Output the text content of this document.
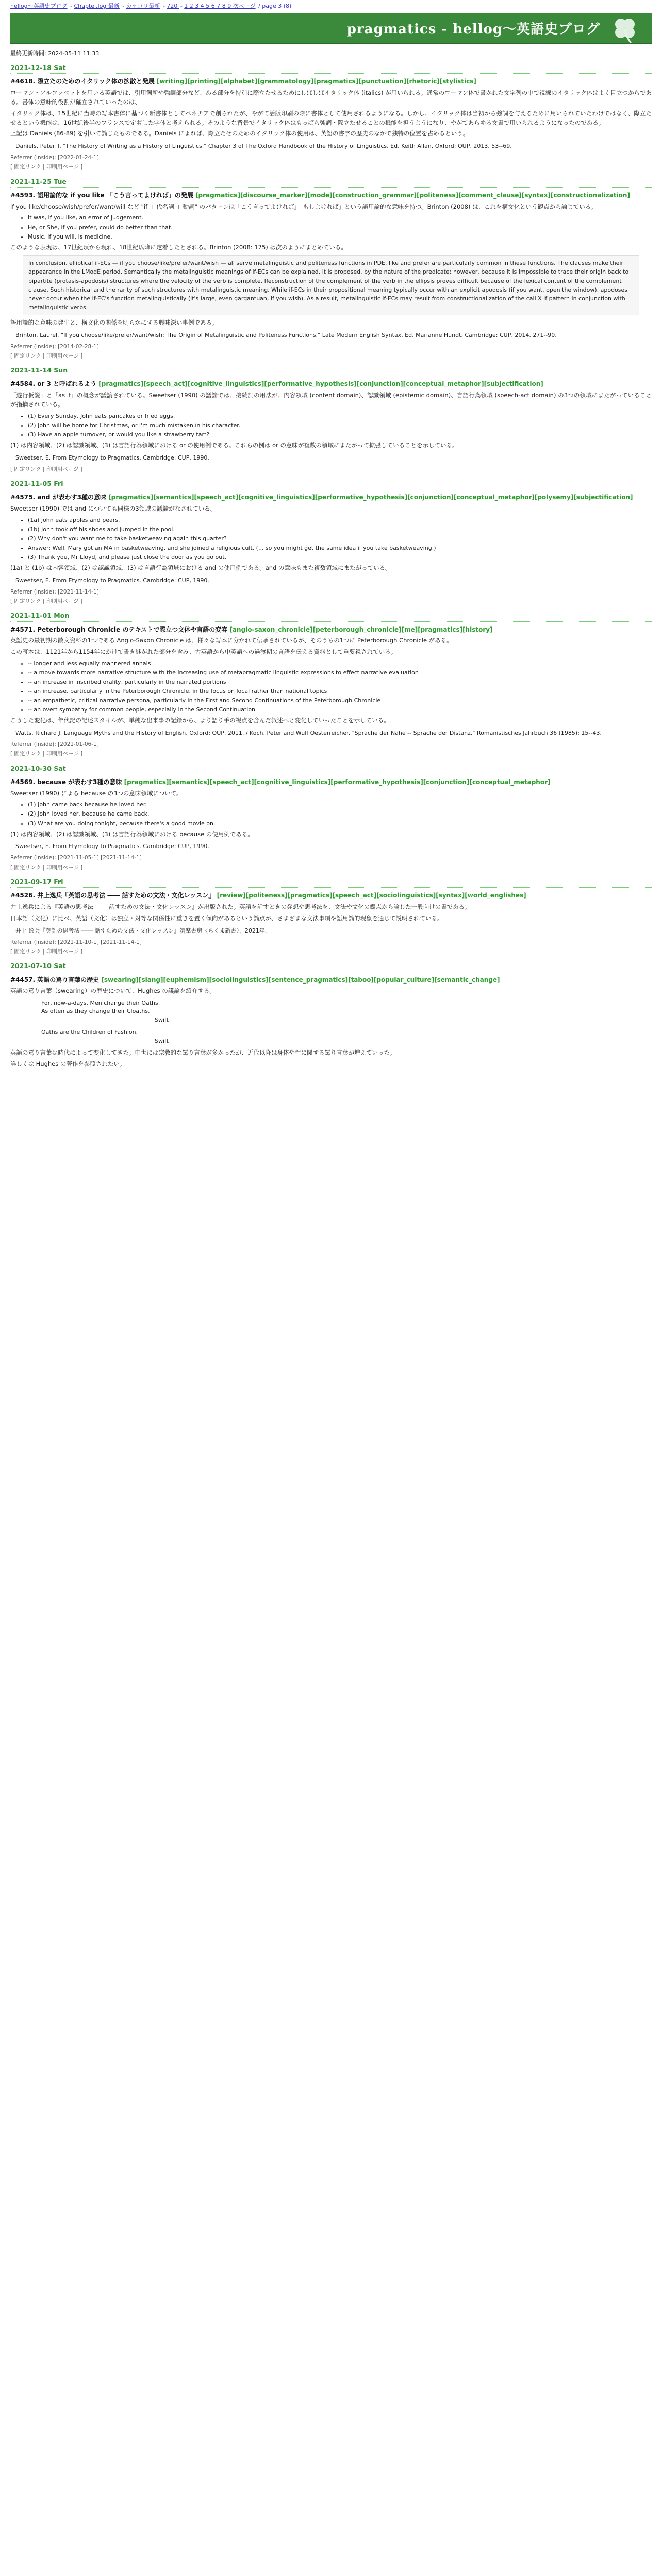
hellog〜英語史ブログ - Chaptel.log 最新 - カテゴリ最新 - 720 - 1 2 3 4 5 6 7 8 9 次ページ / page 3 (8)
pragmatics - hellog〜英語史ブログ
最終更新時間: 2024-05-11 11:33
2021-12-18 Sat
#4618. 際立たのためのイタリック体の拡散と発展 [writing][printing][alphabet][grammatology][pragmatics][punctuation][rhetoric][stylistics]

ローマン・アルファベットを用いる英語では、引用箇所や強調部分など、ある部分を特別に際立たせるためにしばしばイタリック体 (italics) が用いられる。通常のローマン体で書かれた文字列の中で視線のイタリック体はよく目立つからである。書体の意味的役割が確立されていったのは、

イタリック体は、15世紀に当時の写本書体に基づく新書体としてベネチアで創られたが、やがて活版印刷の際に書体として使用されるようになる。しかし、イタリック体は当初から強調を与えるために用いられていたわけではなく、際立たせるという機能は、16世紀後半のフランスで定着した字体と考えられる。そのような背景でイタリック体はもっぱら強調・際立たせることの機能を担うようになり、やがてあらゆる文書で用いられるようになったのである。

上記は Daniels (86-89) を引いて論じたものである。Daniels によれば、際立たせのためのイタリック体の使用は、英語の書字の歴史のなかで独特の位置を占めるという。

Daniels, Peter T. "The History of Writing as a History of Linguistics." Chapter 3 of The Oxford Handbook of the History of Linguistics. Ed. Keith Allan. Oxford: OUP, 2013. 53--69.
Referrer (Inside): [2022-01-24-1]
[ 固定リンク | 印刷用ページ ]
2021-11-25 Tue
#4593. 語用論的な if you like 「こう言ってよければ」の発展 [pragmatics][discourse_marker][mode][construction_grammar][politeness][comment_clause][syntax][constructionalization]

if you like/choose/wish/prefer/want/will など "if + 代名詞 + 動詞" のパターンは「こう言ってよければ」「もしよければ」という語用論的な意味を持つ。Brinton (2008) は、これを構文化という観点から論じている。

• It was, if you like, an error of judgement.
• He, or She, if you prefer, could do better than that.
• Music, if you will, is medicine.

このような表現は、17世紀頃から現れ、18世紀以降に定着したとされる。Brinton (2008: 175) は次のようにまとめている。

In conclusion, elliptical if-ECs — if you choose/like/prefer/want/wish — all serve metalinguistic and politeness functions in PDE, like and prefer are particularly common in these functions. The clauses make their appearance in the LModE period. Semantically the metalinguistic meanings of if-ECs can be explained, it is proposed, by the nature of the predicate; however, because it is impossible to trace their origin back to bipartite (protasis-apodosis) structures where the velocity of the verb is complete. Reconstruction of the complement of the verb in the ellipsis proves difficult because of the lexical content of the complement clause. Such historical and the rarity of such structures with metalinguistic meaning. While if-ECs in their propositional meaning typically occur with an explicit apodosis (if you want, open the window), apodoses never occur when the if-EC's function metalinguistically (it's large, even gargantuan, if you wish). As a result, metalinguistic if-ECs may result from constructionalization of the call X if pattern in conjunction with metalinguistic verbs.

語用論的な意味の発生と、構文化の関係を明らかにする興味深い事例である。

Brinton, Laurel. "If you choose/like/prefer/want/wish: The Origin of Metalinguistic and Politeness Functions." Late Modern English Syntax. Ed. Marianne Hundt. Cambridge: CUP, 2014. 271--90.
Referrer (Inside): [2014-02-28-1]
[ 固定リンク | 印刷用ページ ]
2021-11-14 Sun
#4584. or 3 と呼ばれるよう [pragmatics][speech_act][cognitive_linguistics][performative_hypothesis][conjunction][conceptual_metaphor][subjectification]

「遂行仮説」と「as if」の概念が議論されている。Sweetser (1990) の議論では、接続詞の用法が、内容領域 (content domain)、認識領域 (epistemic domain)、言語行為領域 (speech-act domain) の3つの領域にまたがっていることが指摘されている。

• (1) Every Sunday, John eats pancakes or fried eggs.
• (2) John will be home for Christmas, or I'm much mistaken in his character.
• (3) Have an apple turnover, or would you like a strawberry tart?

(1) は内容領域、(2) は認識領域、(3) は言語行為領域における or の使用例である。これらの例は or の意味が複数の領域にまたがって拡張していることを示している。

Sweetser, E. From Etymology to Pragmatics. Cambridge: CUP, 1990.
[ 固定リンク | 印刷用ページ ]
2021-11-05 Fri
#4575. and が表わす3種の意味 [pragmatics][semantics][speech_act][cognitive_linguistics][performative_hypothesis][conjunction][conceptual_metaphor][polysemy][subjectification]

Sweetser (1990) では and についても同様の3領域の議論がなされている。

• (1a) John eats apples and pears.
• (1b) John took off his shoes and jumped in the pool.
• (2) Why don't you want me to take basketweaving again this quarter?
• Answer: Well, Mary got an MA in basketweaving, and she joined a religious cult. (... so you might get the same idea if you take basketweaving.)
• (3) Thank you, Mr Lloyd, and please just close the door as you go out.

(1a) と (1b) は内容領域、(2) は認識領域、(3) は言語行為領域における and の使用例である。and の意味もまた複数領域にまたがっている。

Sweetser, E. From Etymology to Pragmatics. Cambridge: CUP, 1990.
Referrer (Inside): [2021-11-14-1]
[ 固定リンク | 印刷用ページ ]
2021-11-01 Mon
#4571. Peterborough Chronicle のテキストで際立つ文体や言語の変容 [anglo-saxon_chronicle][peterborough_chronicle][me][pragmatics][history]

英語史の最初期の散文資料の1つである Anglo-Saxon Chronicle は、様々な写本に分かれて伝承されているが、そのうちの1つに Peterborough Chronicle がある。

この写本は、1121年から1154年にかけて書き継がれた部分を含み、古英語から中英語への過渡期の言語を伝える資料として重要視されている。

• -- longer and less equally mannered annals
• -- a move towards more narrative structure with the increasing use of metapragmatic linguistic expressions to effect narrative evaluation
• -- an increase in inscribed orality, particularly in the narrated portions
• -- an increase, particularly in the Peterborough Chronicle, in the focus on local rather than national topics
• -- an empathetic, critical narrative persona, particularly in the First and Second Continuations of the Peterborough Chronicle
• -- an overt sympathy for common people, especially in the Second Continuation

こうした変化は、年代記の記述スタイルが、単純な出来事の記録から、より語り手の視点を含んだ叙述へと変化していったことを示している。

Watts, Richard J. Language Myths and the History of English. Oxford: OUP, 2011. / Koch, Peter and Wulf Oesterreicher. "Sprache der Nähe -- Sprache der Distanz." Romanistisches Jahrbuch 36 (1985): 15--43.
Referrer (Inside): [2021-01-06-1]
[ 固定リンク | 印刷用ページ ]
2021-10-30 Sat
#4569. because が表わす3種の意味 [pragmatics][semantics][speech_act][cognitive_linguistics][performative_hypothesis][conjunction][conceptual_metaphor]

Sweetser (1990) による because の3つの意味領域について。

• (1) John came back because he loved her.
• (2) John loved her, because he came back.
• (3) What are you doing tonight, because there's a good movie on.

(1) は内容領域、(2) は認識領域、(3) は言語行為領域における because の使用例である。

Sweetser, E. From Etymology to Pragmatics. Cambridge: CUP, 1990.
Referrer (Inside): [2021-11-05-1] [2021-11-14-1]
[ 固定リンク | 印刷用ページ ]
2021-09-17 Fri
#4526. 井上逸兵『英語の思考法 ―― 話すための文法・文化レッスン』 [review][politeness][pragmatics][speech_act][sociolinguistics][syntax][world_englishes]

井上逸兵による『英語の思考法 ―― 話すための文法・文化レッスン』が出版された。英語を話すときの発想や思考法を、文法や文化の観点から論じた一般向けの書である。

日本語（文化）に比べ、英語（文化）は独立・対等な関係性に重きを置く傾向があるという論点が、さまざまな文法事項や語用論的現象を通じて説明されている。

井上 逸兵『英語の思考法 ―― 話すための文法・文化レッスン』筑摩書房〈ちくま新書〉，2021年．
Referrer (Inside): [2021-11-10-1] [2021-11-14-1]
[ 固定リンク | 印刷用ページ ]
2021-07-10 Sat
#4457. 英語の罵り言葉の歴史 [swearing][slang][euphemism][sociolinguistics][sentence_pragmatics][taboo][popular_culture][semantic_change]

英語の罵り言葉（swearing）の歴史について、Hughes の議論を紹介する。

For, now-a-days, Men change their Oaths,
As often as they change their Cloaths.
Swift
Oaths are the Children of Fashion.
Swift

英語の罵り言葉は時代によって変化してきた。中世には宗教的な罵り言葉が多かったが、近代以降は身体や性に関する罵り言葉が増えていった。

詳しくは Hughes の著作を参照されたい。
